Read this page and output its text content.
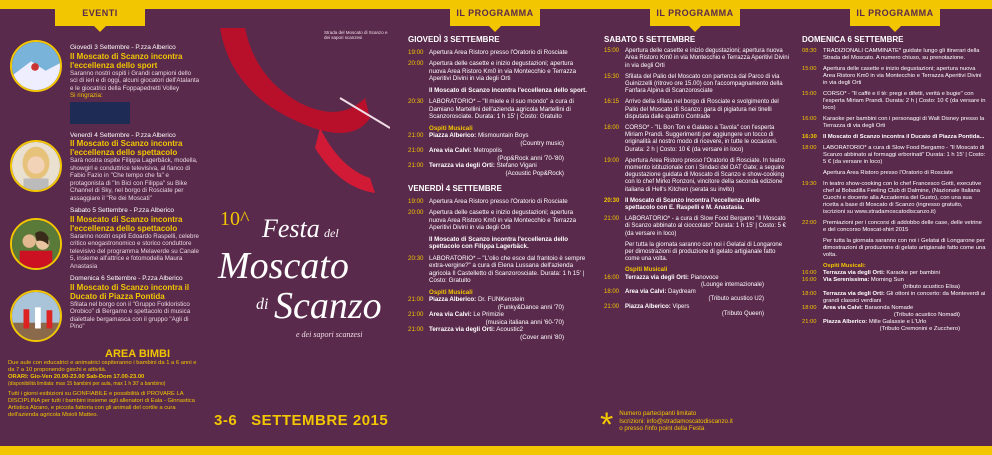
EVENTI	IL PROGRAMMA	IL PROGRAMMA	IL PROGRAMMA
Giovedì 3 Settembre - P.zza Alberico
Il Moscato di Scanzo incontra l'eccellenza dello sport
Saranno nostri ospiti i Grandi campioni dello sci di ieri e di oggi, alcuni giocatori dell'Atalanta e le giocatrici della Foppapedretti Volley
Si ringrazia:
Venerdì 4 Settembre - P.zza Alberico
Il Moscato di Scanzo incontra l'eccellenza dello spettacolo
Sarà nostra ospite Filippa Lagerbäck, modella, showgirl e conduttrice televisiva, al fianco di Fabio Fazio in "Che tempo che fa" e protagonista di "In Bici con Filippa" su Bike Channel di Sky, nel borgo di Rosciate per assaggiare il "Re dei Moscati"
Sabato 5 Settembre - P.zza Alberico
Il Moscato di Scanzo incontra l'eccellenza dello spettacolo
Saranno nostri ospiti Edoardo Raspelli, celebre critico enogastronomico e storico conduttore televisivo del programma Melaverde su Canale 5, insieme all'attrice e fotomodella Maura Anastasia
Domenica 6 Settembre - P.zza Alberico
Il Moscato di Scanzo incontra il Ducato di Piazza Pontida
Sfilata nel borgo con il "Gruppo Folkloristico Orobico" di Bergamo e spettacolo di musica dialettale bergamasca con il gruppo "Agli di Pino"
AREA BIMBI
Due aule con educatrici e animatrici ospiteranno i bambini da 1 a 6 anni e da 7 a 10 proponendo giochi e attività.
ORARI: Gio-Ven 20.00-23.00 Sab-Dom 17.00-23.00
(disponibilità limitata: max 15 bambini per aula, max 1 h 30' a bambino)
Tutti i giorni esibizioni su GONFIABILE e possibilità di PROVARE LA DISCIPLINA per tutti i bambini insieme agli allenatori di Eala - Ginnastica Artistica Alzano, e piccola fattoria con gli animali del cortile a cura dell'azienda agricola Moioli Matteo.
Strada del Moscato di Scanzo e dei sapori scanzesi
10^ Festa del
Moscato
di Scanzo
e dei sapori scanzesi
3-6   SETTEMBRE 2015
GIOVEDÌ 3 SETTEMBRE
19:00 Apertura Area Ristoro presso l'Oratorio di Rosciate
20:00 Apertura delle casette e inizio degustazioni; apertura nuova Area Ristoro Km0 in via Montecchio e Terrazza Aperitivi Divini in via degli Orti
Il Moscato di Scanzo incontra l'eccellenza dello sport.
20:30 LABORATORIO* – "Il miele e il suo mondo" a cura di Damiano Martellini dell'azienda agricola Martellini di Scanzorosciate. Durata: 1 h 15' | Costo: Gratuito
Ospiti Musicali
21:00 Piazza Alberico: Mismountain Boys
(Country music)
21:00 Area via Calvi: Metropolis
(Pop&Rock anni '70-'80)
21:00 Terrazza via degli Orti: Stefano Vigani
(Acoustic Pop&Rock)
VENERDÌ 4 SETTEMBRE
19:00 Apertura Area Ristoro presso l'Oratorio di Rosciate
20:00 Apertura delle casette e inizio degustazioni; apertura nuova Area Ristoro Km0 in via Montecchio e Terrazza Aperitivi Divini in via degli Orti
Il Moscato di Scanzo incontra l'eccellenza dello spettacolo con Filippa Lagerbäck.
20:30 LABORATORIO* – "L'olio che esce dal frantoio è sempre extra-vergine?" a cura di Elena Lussana dell'azienda agricola Il Castelletto di Scanzorosciate. Durata: 1 h 15' | Costo: Gratuito
Ospiti Musicali
21:00 Piazza Alberico: Dr. FUNKenstein
(Funky&Dance anni '70)
21:00 Area via Calvi: Le Primizie
(musica italiana anni '60-'70)
21:00 Terrazza via degli Orti: Acoustic2
(Cover anni '80)
SABATO 5 SETTEMBRE
15:00 Apertura delle casette e inizio degustazioni; apertura nuova Area Ristoro Km0 in via Montecchio e Terrazza Aperitivi Divini in via degli Orti
15:30 Sfilata del Palio del Moscato con partenza dal Parco di via Guinizzelli (ritrovo ore 15.00) con l'accompagnamento della Fanfara Alpina di Scanzorosciate
16:15 Arrivo della sfilata nel borgo di Rosciate e svolgimento del Palio del Moscato di Scanzo: gara di pigiatura nei tinelli disputata dalle quattro Contrade
18:00 CORSO* - "IL Bon Ton e Galateo a Tavola" con l'esperta Miriam Prandi. Suggerimenti per aggiungere un tocco di originalità al nostro modo di ricevere, in tutte le occasioni. Durata: 2 h | Costo: 10 € (da versare in loco)
19:00 Apertura Area Ristoro presso l'Oratorio di Rosciate. In teatro momento istituzionale con i Sindaci del DAT Gate; a seguire degustazione guidata di Moscato di Scanzo e show-cooking con lo chef Mirko Ronzoni, vincitore della seconda edizione italiana di Hell's Kitchen (serata su invito)
20:30 Il Moscato di Scanzo incontra l'eccellenza dello spettacolo con E. Raspelli e M. Anastasia.
21:00 LABORATORIO* - a cura di Slow Food Bergamo "Il Moscato di Scanzo abbinato al cioccolato" Durata: 1 h 15' | Costo: 5 € (da versare in loco)
Per tutta la giornata saranno con noi i Gelatai di Longarone per dimostrazioni di produzione di gelato artigianale fatto come una volta.
Ospiti Musicali
16:00 Terrazza via degli Orti: Pianovoce
(Lounge internazionale)
18:00 Area via Calvi: Daydream
(Tributo acustico U2)
21:00 Piazza Alberico: Vipers
(Tributo Queen)
* Numero partecipanti limitato
Iscrizioni: info@stradamoscatodiscanzo.it
o presso l'info point della Festa
DOMENICA 6 SETTEMBRE
08:30	TRADIZIONALI CAMMINATE* guidate lungo gli itinerari della Strada del Moscato. A numero chiuso, su prenotazione.
15:00	Apertura delle casette e inizio degustazioni; apertura nuova Area Ristoro Km0 in via Montecchio e Terrazza Aperitivi Divini in via degli Orti
15:00	CORSO* - "Il caffè e il tè: pregi e difetti, verità e bugie" con l'esperta Miriam Prandi. Durata: 2 h | Costo: 10 € (da versare in loco)
16:00	Karaoke per bambini con i personaggi di Walt Disney presso la Terrazza di via degli Orti
16:30	Il Moscato di Scanzo incontra il Ducato di Piazza Pontida...
18:00	LABORATORIO* a cura di Slow Food Bergamo - "Il Moscato di Scanzo abbinato ai formaggi erborinati" Durata: 1 h 15' | Costo: 5 € (da versare in loco)
Apertura Area Ristoro presso l'Oratorio di Rosciate
19:30	In teatro show-cooking con lo chef Francesco Gotti, executive chef al Bobadilla Feeling Club di Dalmine, (Nazionale Italiana Cuochi e docente alla Accademia del Gusto), con una sua ricetta a base di Moscato di Scanzo (ingresso gratuito, iscrizioni su www.stradamoscatodiscanzo.it)
22:00	Premiazioni per i concorsi di addobbo delle case, delle vetrine e del concorso Moscat-shirt 2015
Per tutta la giornata saranno con noi i Gelatai di Longarone per dimostrazioni di produzione di gelato artigianale fatto come una volta.
Ospiti Musicali:
16:00	Terrazza via degli Orti: Karaoke per bambini
16:00	Via Serenissima: Morning Sun
(tributo acustico Elisa)
18:00	Terrazza via degli Orti: Gli ottoni in concerto: da Monteverdi ai grandi classici verdiani
18:00	Area via Calvi: Baraonda Nomade
(Tributo acustico Nomadi)
21:00	Piazza Alberico: Mille Galassie e L'Urlo
(Tributo Cremonini e Zucchero)
